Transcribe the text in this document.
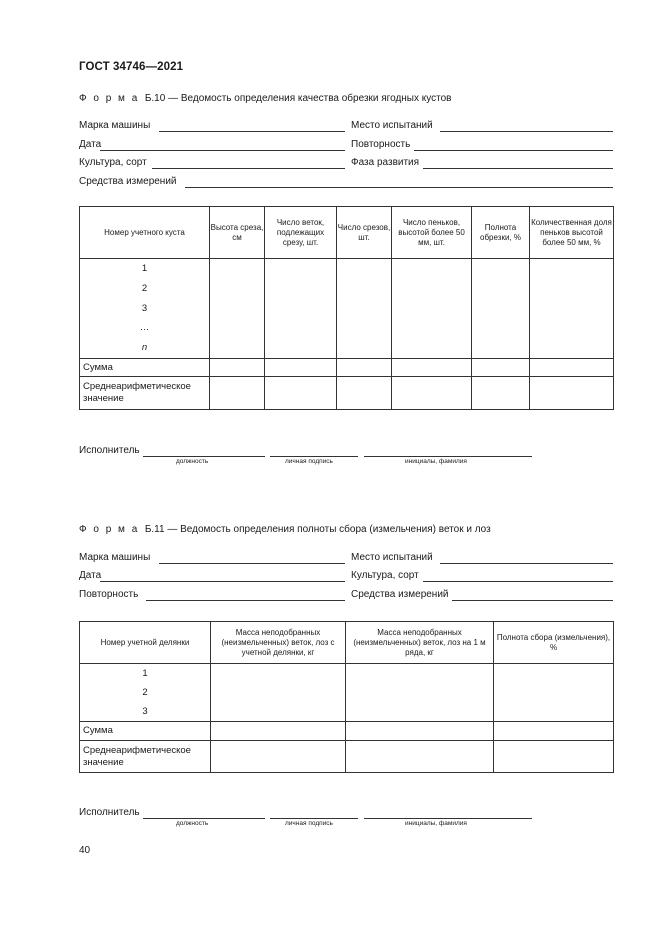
ГОСТ 34746—2021
Ф о р м а Б.10 — Ведомость определения качества обрезки ягодных кустов
Марка машины	Место испытаний
Дата	Повторность
Культура, сорт	Фаза развития
Средства измерений
Номер учетного куста	Высота среза, см	Число веток, подлежащих срезу, шт.	Число срезов, шт.	Число пеньков, высотой более 50 мм, шт.	Полнота обрезки, %	Количественная доля пеньков высотой более 50 мм, %

1
2
3
…
n						

Сумма						
Среднеарифметическое значение						
Исполнитель
должность	личная подпись	инициалы, фамилия
Ф о р м а Б.11 — Ведомость определения полноты сбора (измельчения) веток и лоз
Марка машины	Место испытаний
Дата	Культура, сорт
Повторность	Средства измерений
Номер учетной делянки	Масса неподобранных (неизмельченных) веток, лоз с учетной делянки, кг	Масса неподобранных (неизмельченных) веток, лоз на 1 м ряда, кг	Полнота сбора (измельчения), %

1
2
3			

Сумма			
Среднеарифметическое значение			
Исполнитель
должность	личная подпись	инициалы, фамилия
40
